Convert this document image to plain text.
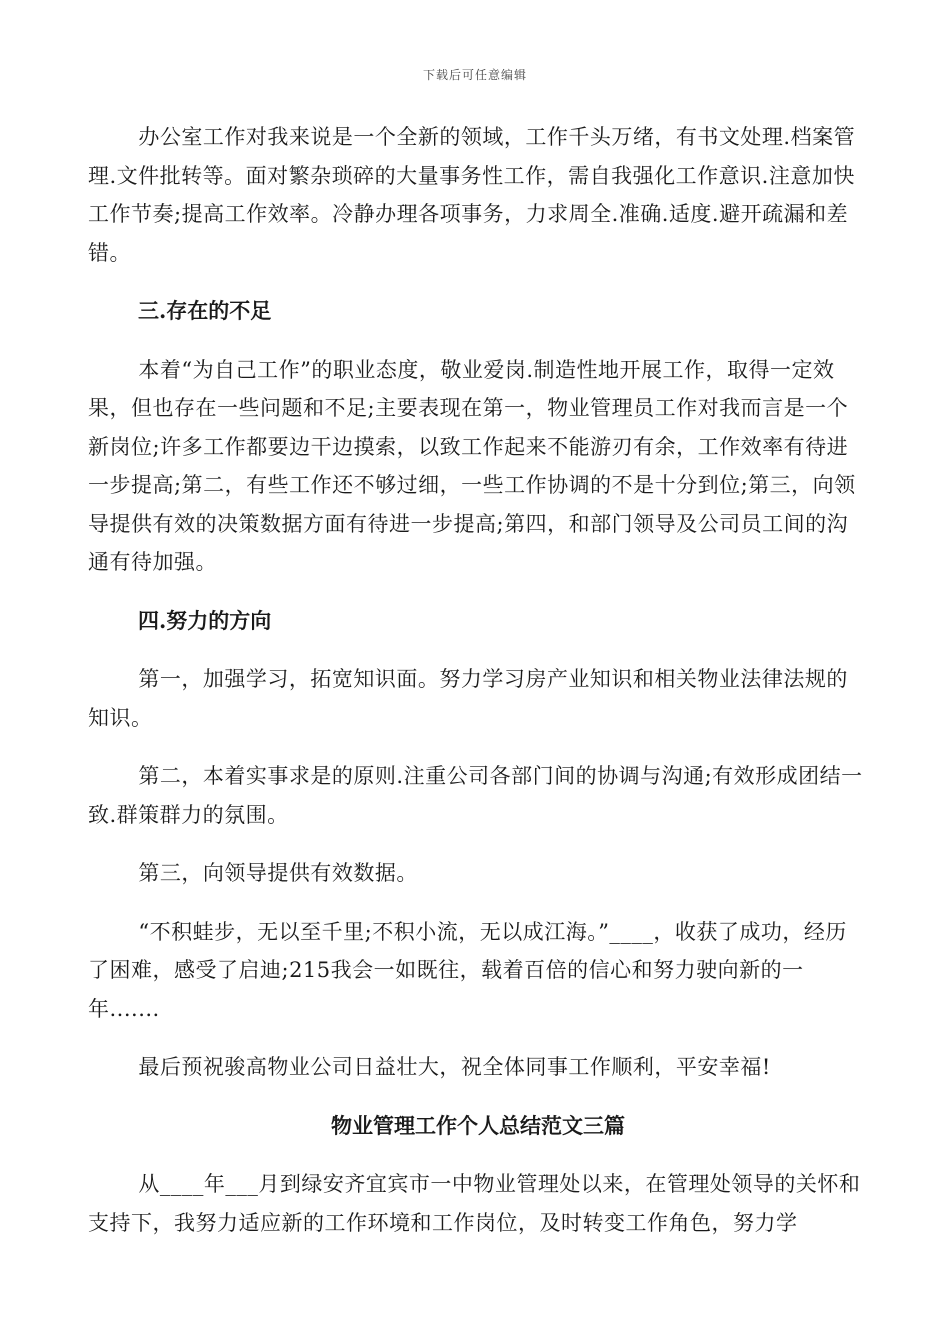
下载后可任意编辑

办公室工作对我来说是一个全新的领域，工作千头万绪，有书文处理.档案管理.文件批转等。面对繁杂琐碎的大量事务性工作，需自我强化工作意识.注意加快工作节奏;提高工作效率。冷静办理各项事务，力求周全.准确.适度.避开疏漏和差错。

三.存在的不足

本着“为自己工作”的职业态度，敬业爱岗.制造性地开展工作，取得一定效果，但也存在一些问题和不足;主要表现在第一，物业管理员工作对我而言是一个新岗位;许多工作都要边干边摸索，以致工作起来不能游刃有余，工作效率有待进一步提高;第二，有些工作还不够过细，一些工作协调的不是十分到位;第三，向领导提供有效的决策数据方面有待进一步提高;第四，和部门领导及公司员工间的沟通有待加强。

四.努力的方向

第一，加强学习，拓宽知识面。努力学习房产业知识和相关物业法律法规的知识。

第二，本着实事求是的原则.注重公司各部门间的协调与沟通;有效形成团结一致.群策群力的氛围。

第三，向领导提供有效数据。

“不积蛙步，无以至千里;不积小流，无以成江海。”____，收获了成功，经历了困难，感受了启迪;215我会一如既往，载着百倍的信心和努力驶向新的一年.......

最后预祝骏高物业公司日益壮大，祝全体同事工作顺利，平安幸福!

物业管理工作个人总结范文三篇

从____年___月到绿安齐宜宾市一中物业管理处以来，在管理处领导的关怀和支持下，我努力适应新的工作环境和工作岗位，及时转变工作角色，努力学
